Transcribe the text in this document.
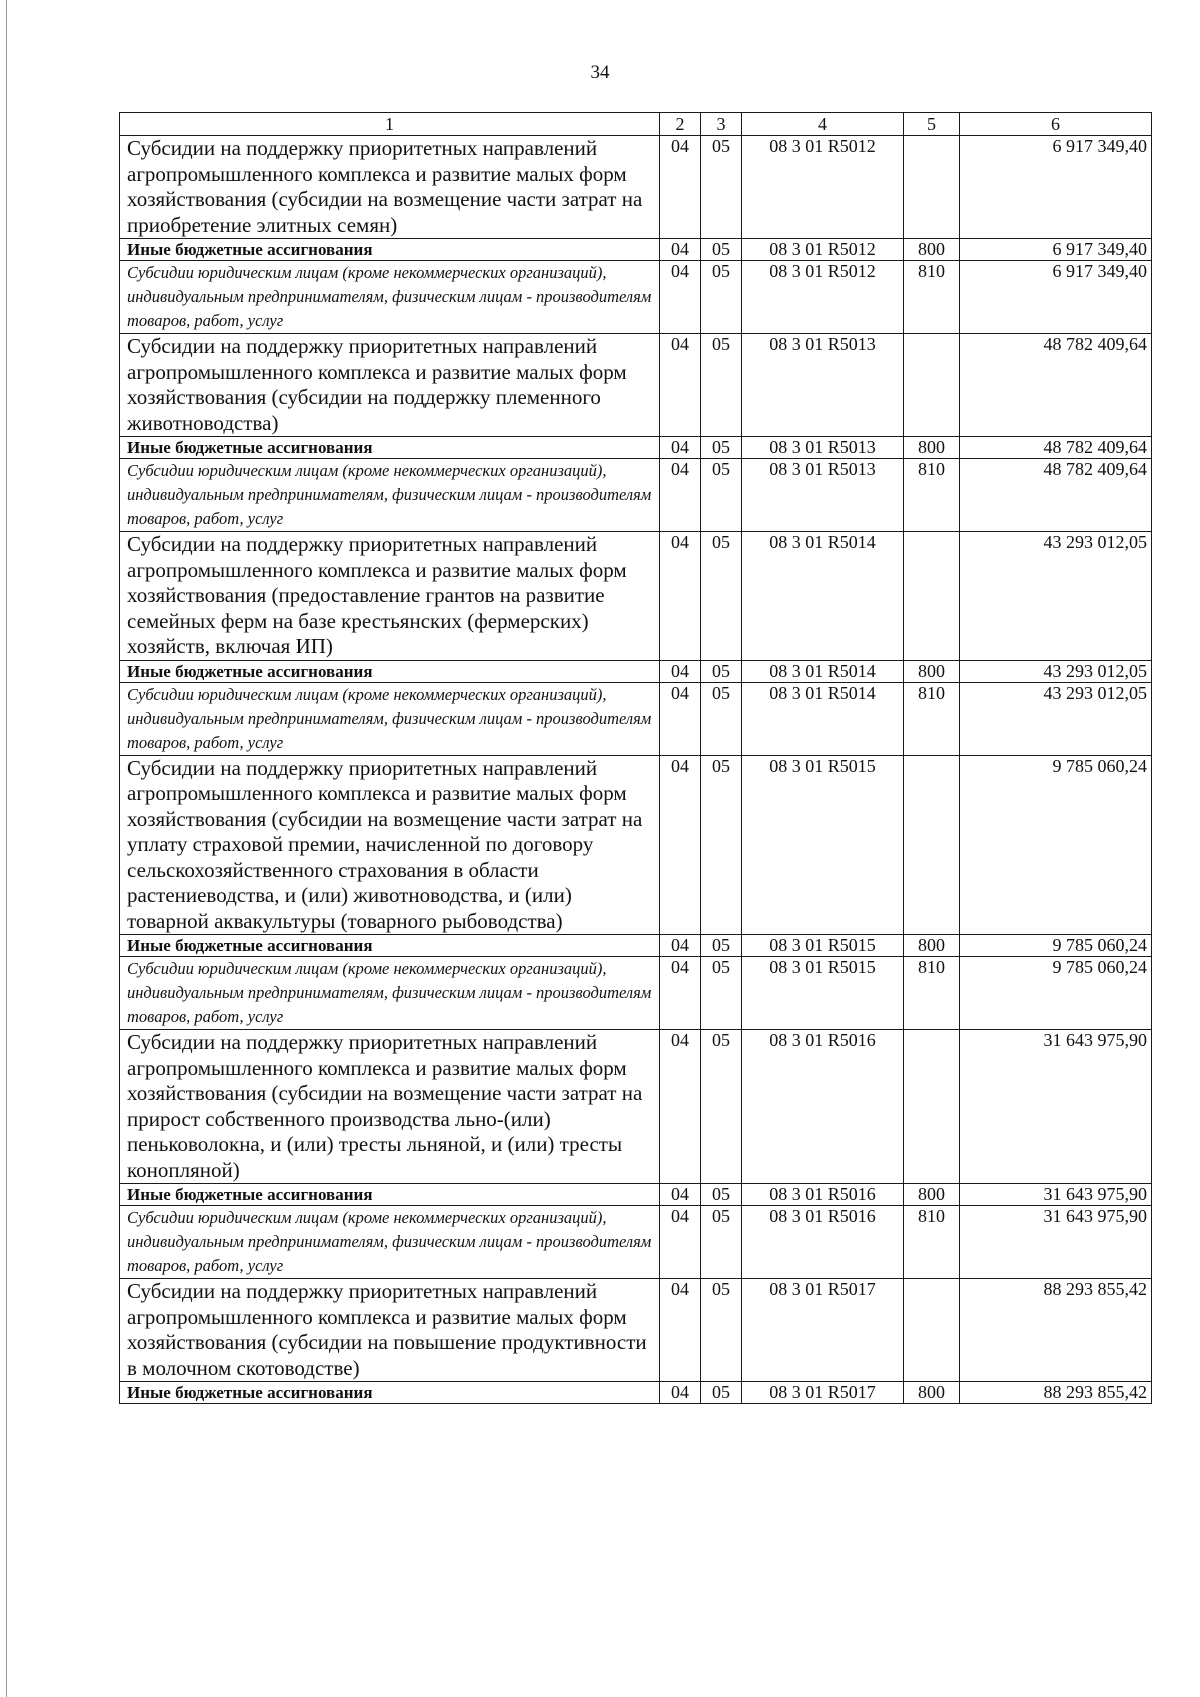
34
1	2	3	4	5	6
Субсидии на поддержку приоритетных направлений агропромышленного комплекса и развитие малых форм хозяйствования (субсидии на возмещение части затрат на приобретение элитных семян)	04	05	08 3 01 R5012		6 917 349,40
Иные бюджетные ассигнования	04	05	08 3 01 R5012	800	6 917 349,40
Субсидии юридическим лицам (кроме некоммерческих организаций), индивидуальным предпринимателям, физическим лицам - производителям товаров, работ, услуг	04	05	08 3 01 R5012	810	6 917 349,40
Субсидии на поддержку приоритетных направлений агропромышленного комплекса и развитие малых форм хозяйствования (субсидии на поддержку племенного животноводства)	04	05	08 3 01 R5013		48 782 409,64
Иные бюджетные ассигнования	04	05	08 3 01 R5013	800	48 782 409,64
Субсидии юридическим лицам (кроме некоммерческих организаций), индивидуальным предпринимателям, физическим лицам - производителям товаров, работ, услуг	04	05	08 3 01 R5013	810	48 782 409,64
Субсидии на поддержку приоритетных направлений агропромышленного комплекса и развитие малых форм хозяйствования (предоставление грантов на развитие семейных ферм на базе крестьянских (фермерских) хозяйств, включая ИП)	04	05	08 3 01 R5014		43 293 012,05
Иные бюджетные ассигнования	04	05	08 3 01 R5014	800	43 293 012,05
Субсидии юридическим лицам (кроме некоммерческих организаций), индивидуальным предпринимателям, физическим лицам - производителям товаров, работ, услуг	04	05	08 3 01 R5014	810	43 293 012,05
Субсидии на поддержку приоритетных направлений агропромышленного комплекса и развитие малых форм хозяйствования (субсидии на возмещение части затрат на уплату страховой премии, начисленной по договору сельскохозяйственного страхования в области растениеводства, и (или) животноводства, и (или) товарной аквакультуры (товарного рыбоводства)	04	05	08 3 01 R5015		9 785 060,24
Иные бюджетные ассигнования	04	05	08 3 01 R5015	800	9 785 060,24
Субсидии юридическим лицам (кроме некоммерческих организаций), индивидуальным предпринимателям, физическим лицам - производителям товаров, работ, услуг	04	05	08 3 01 R5015	810	9 785 060,24
Субсидии на поддержку приоритетных направлений агропромышленного комплекса и развитие малых форм хозяйствования (субсидии на возмещение части затрат на прирост собственного производства льно-(или) пеньковолокна, и (или) тресты льняной, и (или) тресты конопляной)	04	05	08 3 01 R5016		31 643 975,90
Иные бюджетные ассигнования	04	05	08 3 01 R5016	800	31 643 975,90
Субсидии юридическим лицам (кроме некоммерческих организаций), индивидуальным предпринимателям, физическим лицам - производителям товаров, работ, услуг	04	05	08 3 01 R5016	810	31 643 975,90
Субсидии на поддержку приоритетных направлений агропромышленного комплекса и развитие малых форм хозяйствования (субсидии на повышение продуктивности в молочном скотоводстве)	04	05	08 3 01 R5017		88 293 855,42
Иные бюджетные ассигнования	04	05	08 3 01 R5017	800	88 293 855,42
